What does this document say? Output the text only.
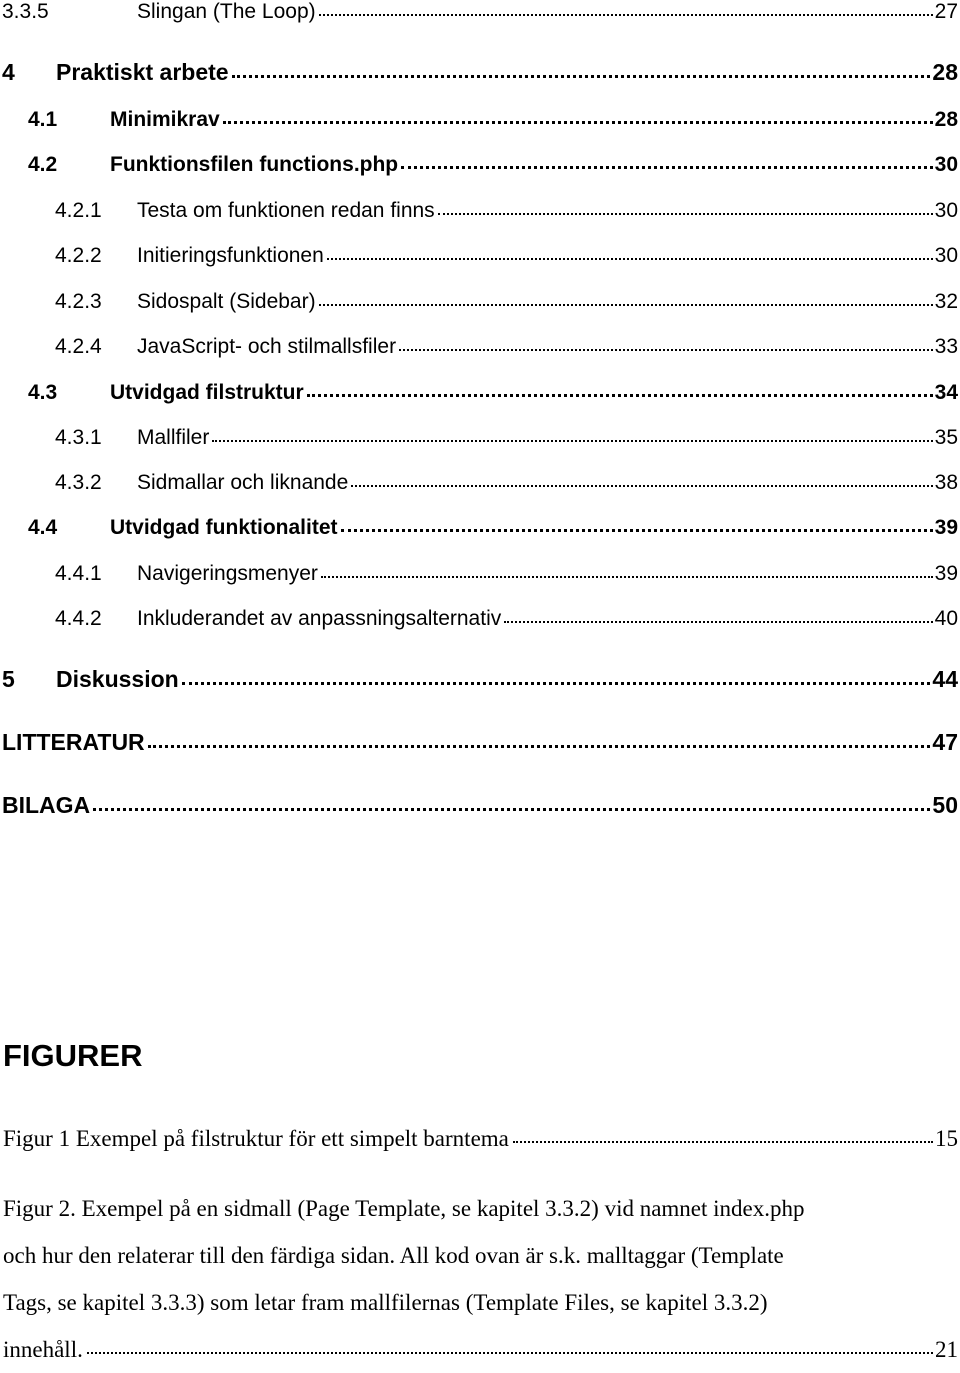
3.3.5	Slingan (The Loop)	27
4	Praktiskt arbete	28
4.1	Minimikrav	28
4.2	Funktionsfilen functions.php	30
4.2.1	Testa om funktionen redan finns	30
4.2.2	Initieringsfunktionen	30
4.2.3	Sidospalt (Sidebar)	32
4.2.4	JavaScript- och stilmallsfiler	33
4.3	Utvidgad filstruktur	34
4.3.1	Mallfiler	35
4.3.2	Sidmallar och liknande	38
4.4	Utvidgad funktionalitet	39
4.4.1	Navigeringsmenyer	39
4.4.2	Inkluderandet av anpassningsalternativ	40
5	Diskussion	44
LITTERATUR	47
BILAGA	50
FIGURER
Figur 1 Exempel på filstruktur för ett simpelt barntema	15
Figur 2. Exempel på en sidmall (Page Template, se kapitel 3.3.2) vid namnet index.php
och hur den relaterar till den färdiga sidan. All kod ovan är s.k. malltaggar (Template
Tags, se kapitel 3.3.3) som letar fram mallfilernas (Template Files, se kapitel 3.3.2)
innehåll.	21
